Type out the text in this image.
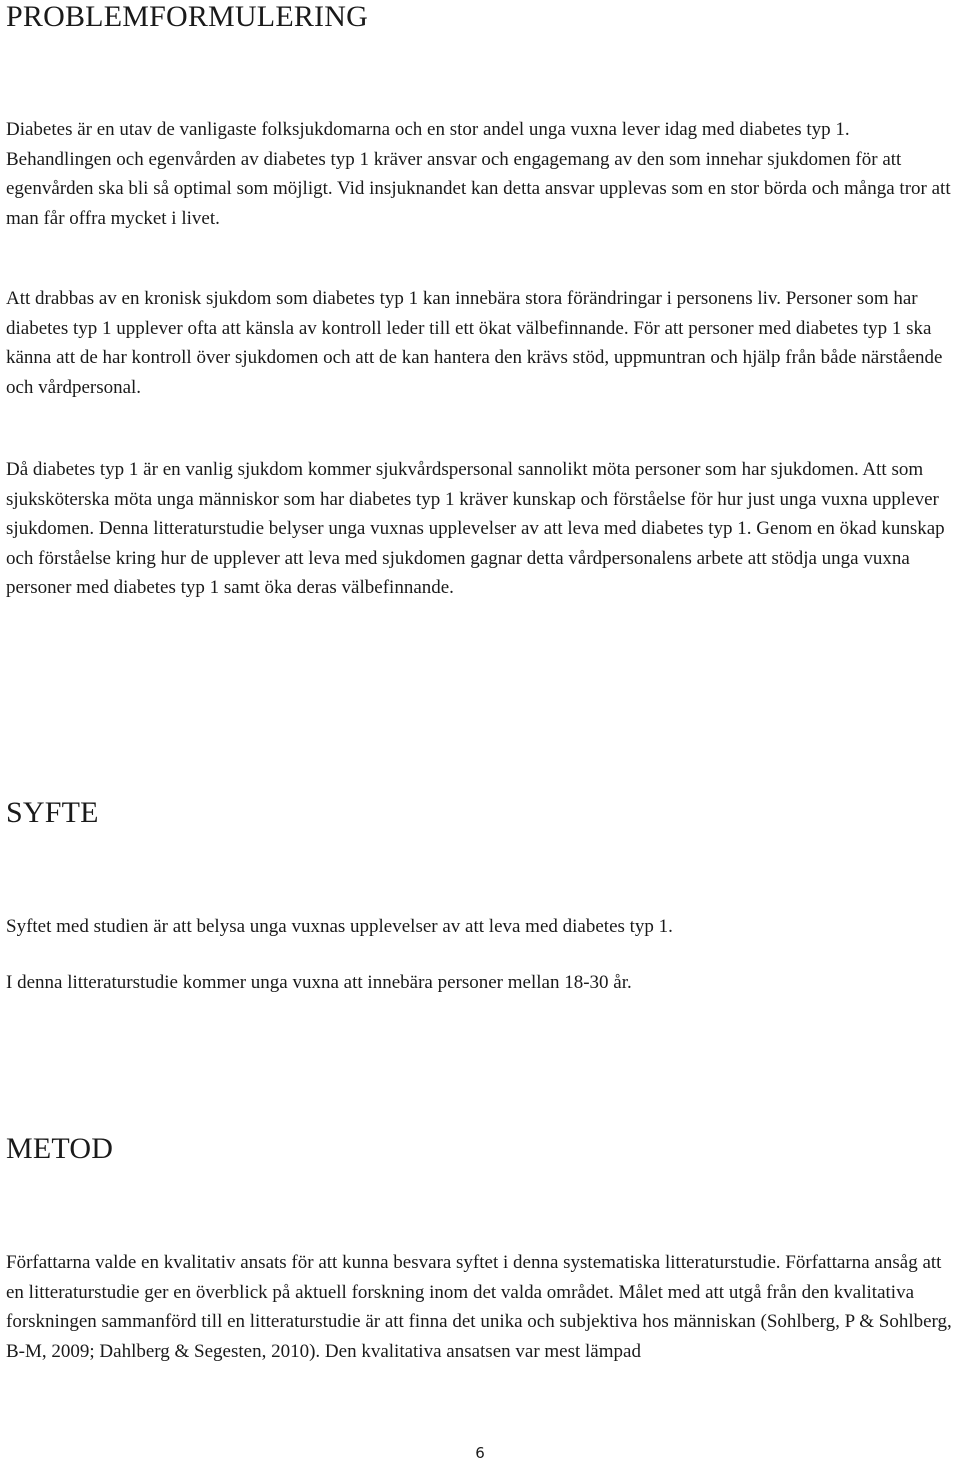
PROBLEMFORMULERING

Diabetes är en utav de vanligaste folksjukdomarna och en stor andel unga vuxna lever idag med diabetes typ 1. Behandlingen och egenvården av diabetes typ 1 kräver ansvar och engagemang av den som innehar sjukdomen för att egenvården ska bli så optimal som möjligt. Vid insjuknandet kan detta ansvar upplevas som en stor börda och många tror att man får offra mycket i livet.

Att drabbas av en kronisk sjukdom som diabetes typ 1 kan innebära stora förändringar i personens liv. Personer som har diabetes typ 1 upplever ofta att känsla av kontroll leder till ett ökat välbefinnande. För att personer med diabetes typ 1 ska känna att de har kontroll över sjukdomen och att de kan hantera den krävs stöd, uppmuntran och hjälp från både närstående och vårdpersonal.

Då diabetes typ 1 är en vanlig sjukdom kommer sjukvårdspersonal sannolikt möta personer som har sjukdomen. Att som sjuksköterska möta unga människor som har diabetes typ 1 kräver kunskap och förståelse för hur just unga vuxna upplever sjukdomen. Denna litteraturstudie belyser unga vuxnas upplevelser av att leva med diabetes typ 1. Genom en ökad kunskap och förståelse kring hur de upplever att leva med sjukdomen gagnar detta vårdpersonalens arbete att stödja unga vuxna personer med diabetes typ 1 samt öka deras välbefinnande.

SYFTE

Syftet med studien är att belysa unga vuxnas upplevelser av att leva med diabetes typ 1.

I denna litteraturstudie kommer unga vuxna att innebära personer mellan 18-30 år.

METOD

Författarna valde en kvalitativ ansats för att kunna besvara syftet i denna systematiska litteraturstudie. Författarna ansåg att en litteraturstudie ger en överblick på aktuell forskning inom det valda området. Målet med att utgå från den kvalitativa forskningen sammanförd till en litteraturstudie är att finna det unika och subjektiva hos människan (Sohlberg, P & Sohlberg, B-M, 2009; Dahlberg & Segesten, 2010). Den kvalitativa ansatsen var mest lämpad

6
